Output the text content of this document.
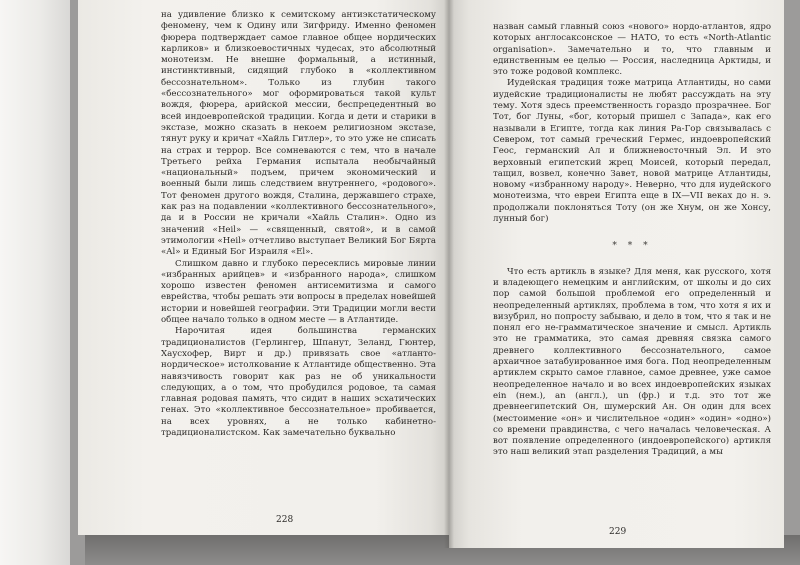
на удивление близко к семитскому антиэкстатическому феномену, чем к Одину или Зигфриду. Именно феномен фюрера подтверждает самое главное общее нордических карликов» и близкоевостичных чудесах, это абсолютный монотеизм. Не внешне формальный, а истинный, инстинктивный, сидящий глубоко в «коллективном бессознательном». Только из глубин такого «бессознательного» мог оформироваться такой культ вождя, фюрера, арийской мессии, беспрецедентный во всей индоевропейской традиции. Когда и дети и старики в экстазе, можно сказать в некоем религиозном экстазе, тянут руку и кричат «Хайль Гитлер», то это уже не списать на страх и террор. Все сомневаются с тем, что в начале Третьего рейха Германия испытала необычайный «национальный» подъем, причем экономический и военный были лишь следствием внутреннего, «родового». Тот феномен другого вождя, Сталина, державшего страхе, как раз на подавлении «коллективного бессознательного», да и в России не кричали «Хайль Сталин». Одно из значений «Heil» — «священный, святой», и в самой этимологии «Heil» отчетливо выступает Великий Бог Бярта «Al» и Единый Бог Израиля «El».

Слишком давно и глубоко пересеклись мировые линии «избранных арийцев» и «избранного народа», слишком хорошо известен феномен антисемитизма и самого еврейства, чтобы решать эти вопросы в пределах новейшей истории и новейшей географии. Эти Традиции могли вести общее начало только в одном месте — в Атлантиде.

Нарочитая идея большинства германских традиционалистов (Герлингер, Шпанут, Зеланд, Гюнтер, Хаусхофер, Вирт и др.) привязать свое «атланто-нордическое» истолкование к Атлантиде общественно. Эта навязчивость говорит как раз не об уникальности следующих, а о том, что пробудился родовое, та самая главная родовая память, что сидит в наших эсхатических генах. Это «коллективное бессознательное» пробивается, на всех уровнях, а не только кабинетно-традиционалистском. Как замечательно буквально

228

назван самый главный союз «нового» нордо-атлантов, ядро которых англосаксонское — НАТО, то есть «North-Atlantic organisation». Замечательно и то, что главным и единственным ее целью — Россия, наследница Арктиды, и это тоже родовой комплекс.

Иудейская традиция тоже матрица Атлантиды, но сами иудейские традиционалисты не любят рассуждать на эту тему. Хотя здесь преемственность гораздо прозрачнее. Бог Тот, бог Луны, «бог, который пришел с Запада», как его называли в Египте, тогда как линия Ра-Гор связывалась с Севером, тот самый греческий Гермес, индоевропейский Геос, германский Ал и ближневосточный Эл. И это верховный египетский жрец Моисей, который передал, тащил, возвел, конечно Завет, новой матрице Атлантиды, новому «избранному народу». Неверно, что для иудейского монотеизма, что евреи Египта еще в IX—VII веках до н. э. продолжали поклоняться Тоту (он же Хнум, он же Хонсу, лунный бог)

* * *

Что есть артикль в языке? Для меня, как русского, хотя и владеющего немецким и английским, от школы и до сих пор самой большой проблемой его определенный и неопределенный артиклях, проблема в том, что хотя я их и визубрил, но попросту забываю, и дело в том, что я так и не понял его не-грамматическое значение и смысл. Артикль это не грамматика, это самая древняя связка самого древнего коллективного бессознательного, самое архаичное затабуированное имя бога. Под неопределенным артиклем скрыто самое главное, самое древнее, уже самое неопределенное начало и во всех индоевропейских языках ein (нем.), an (англ.), un (фр.) и т.д. это тот же древнеегипетский Он, шумерский Ан. Он один для всех (местоимение «он» и числительное «один» «один» «одно») со времени правдинства, с чего началась человеческая. А вот появление определенного (индоевропейского) артикля это наш великий этап разделения Традиций, а мы

229
